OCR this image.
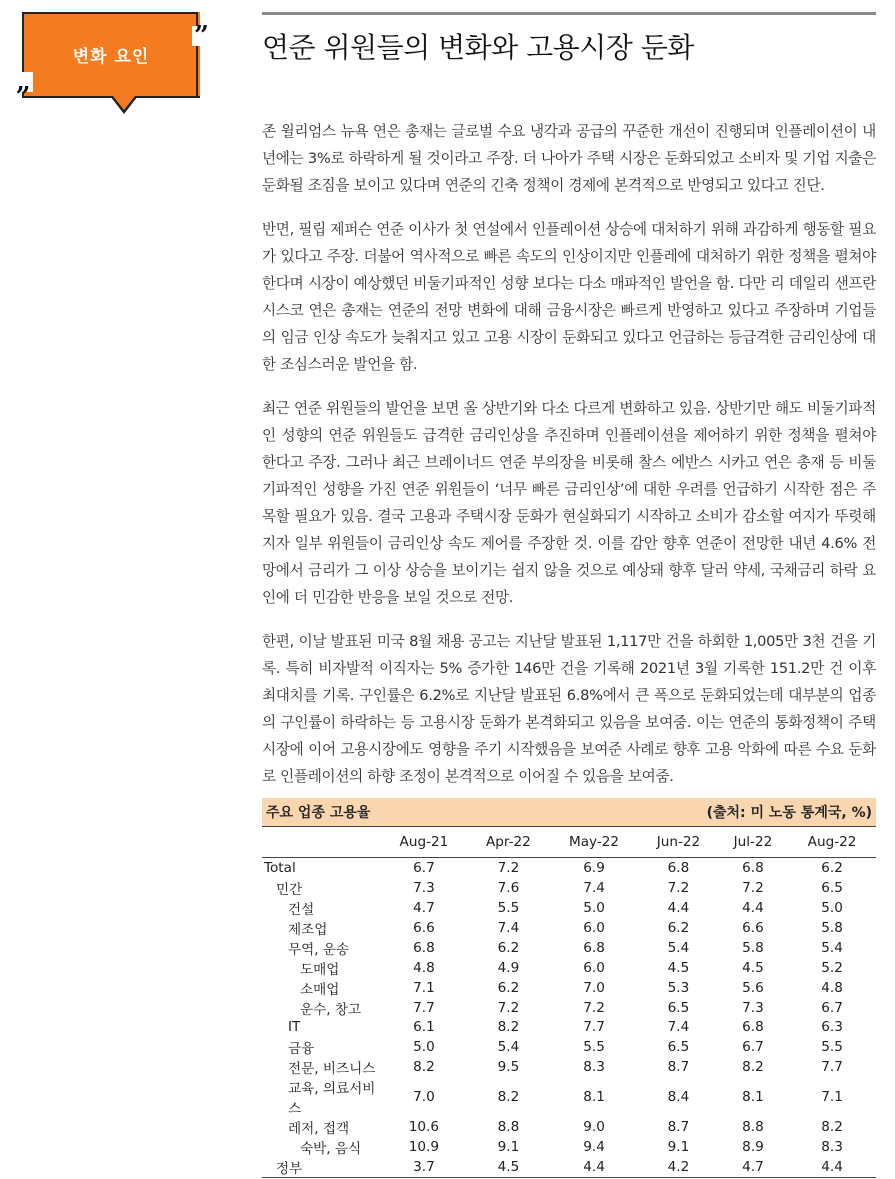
변화 요인
”
„
연준 위원들의 변화와 고용시장 둔화

존 윌리엄스 뉴욕 연은 총재는 글로벌 수요 냉각과 공급의 꾸준한 개선이 진행되며 인플레이션이 내년에는 3%로 하락하게 될 것이라고 주장. 더 나아가 주택 시장은 둔화되었고 소비자 및 기업 지출은 둔화될 조짐을 보이고 있다며 연준의 긴축 정책이 경제에 본격적으로 반영되고 있다고 진단.

반면, 필립 제퍼슨 연준 이사가 첫 연설에서 인플레이션 상승에 대처하기 위해 과감하게 행동할 필요가 있다고 주장. 더불어 역사적으로 빠른 속도의 인상이지만 인플레에 대처하기 위한 정책을 펼쳐야 한다며 시장이 예상했던 비둘기파적인 성향 보다는 다소 매파적인 발언을 함. 다만 리 데일리 샌프란시스코 연은 총재는 연준의 전망 변화에 대해 금융시장은 빠르게 반영하고 있다고 주장하며 기업들의 임금 인상 속도가 늦춰지고 있고 고용 시장이 둔화되고 있다고 언급하는 등급격한 금리인상에 대한 조심스러운 발언을 함.

최근 연준 위원들의 발언을 보면 올 상반기와 다소 다르게 변화하고 있음. 상반기만 해도 비둘기파적인 성향의 연준 위원들도 급격한 금리인상을 추진하며 인플레이션을 제어하기 위한 정책을 펼쳐야 한다고 주장. 그러나 최근 브레이너드 연준 부의장을 비롯해 찰스 에반스 시카고 연은 총재 등 비둘기파적인 성향을 가진 연준 위원들이 ‘너무 빠른 금리인상’에 대한 우려를 언급하기 시작한 점은 주목할 필요가 있음. 결국 고용과 주택시장 둔화가 현실화되기 시작하고 소비가 감소할 여지가 뚜렷해지자 일부 위원들이 금리인상 속도 제어를 주장한 것. 이를 감안 향후 연준이 전망한 내년 4.6% 전망에서 금리가 그 이상 상승을 보이기는 쉽지 않을 것으로 예상돼 향후 달러 약세, 국채금리 하락 요인에 더 민감한 반응을 보일 것으로 전망.

한편, 이날 발표된 미국 8월 채용 공고는 지난달 발표된 1,117만 건을 하회한 1,005만 3천 건을 기록. 특히 비자발적 이직자는 5% 증가한 146만 건을 기록해 2021년 3월 기록한 151.2만 건 이후 최대치를 기록. 구인률은 6.2%로 지난달 발표된 6.8%에서 큰 폭으로 둔화되었는데 대부분의 업종의 구인률이 하락하는 등 고용시장 둔화가 본격화되고 있음을 보여줌. 이는 연준의 통화정책이 주택시장에 이어 고용시장에도 영향을 주기 시작했음을 보여준 사례로 향후 고용 악화에 따른 수요 둔화로 인플레이션의 하향 조정이 본격적으로 이어질 수 있음을 보여줌.

주요 업종 고용율	(출처: 미 노동 통계국, %)
	Aug-21	Apr-22	May-22	Jun-22	Jul-22	Aug-22
Total	6.7	7.2	6.9	6.8	6.8	6.2
민간	7.3	7.6	7.4	7.2	7.2	6.5
건설	4.7	5.5	5.0	4.4	4.4	5.0
제조업	6.6	7.4	6.0	6.2	6.6	5.8
무역, 운송	6.8	6.2	6.8	5.4	5.8	5.4
도매업	4.8	4.9	6.0	4.5	4.5	5.2
소매업	7.1	6.2	7.0	5.3	5.6	4.8
운수, 창고	7.7	7.2	7.2	6.5	7.3	6.7
IT	6.1	8.2	7.7	7.4	6.8	6.3
금융	5.0	5.4	5.5	6.5	6.7	5.5
전문, 비즈니스	8.2	9.5	8.3	8.7	8.2	7.7
교육, 의료서비스	7.0	8.2	8.1	8.4	8.1	7.1
레저, 접객	10.6	8.8	9.0	8.7	8.8	8.2
숙박, 음식	10.9	9.1	9.4	9.1	8.9	8.3
정부	3.7	4.5	4.4	4.2	4.7	4.4
